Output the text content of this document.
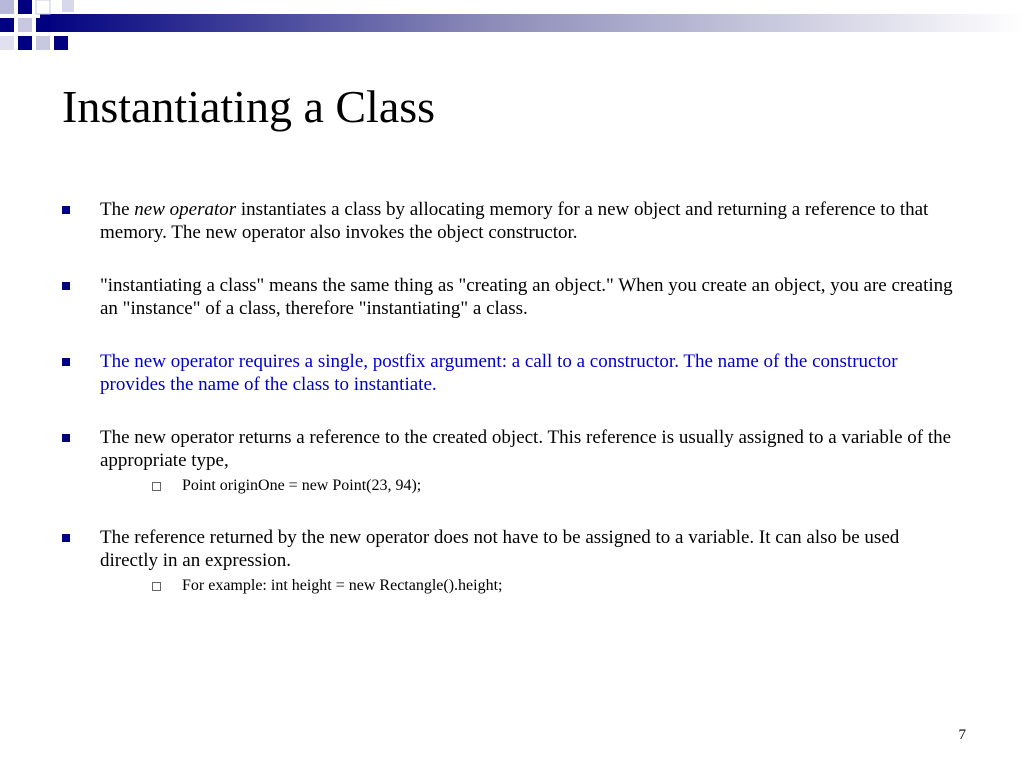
Instantiating a Class
The new operator instantiates a class by allocating memory for a new object and returning a reference to that memory. The new operator also invokes the object constructor.
"instantiating a class" means the same thing as "creating an object." When you create an object, you are creating an "instance" of a class, therefore "instantiating" a class.
The new operator requires a single, postfix argument: a call to a constructor. The name of the constructor provides the name of the class to instantiate.
The new operator returns a reference to the created object. This reference is usually assigned to a variable of the appropriate type,
Point originOne = new Point(23, 94);
The reference returned by the new operator does not have to be assigned to a variable. It can also be used directly in an expression.
For example: int height = new Rectangle().height;
7
